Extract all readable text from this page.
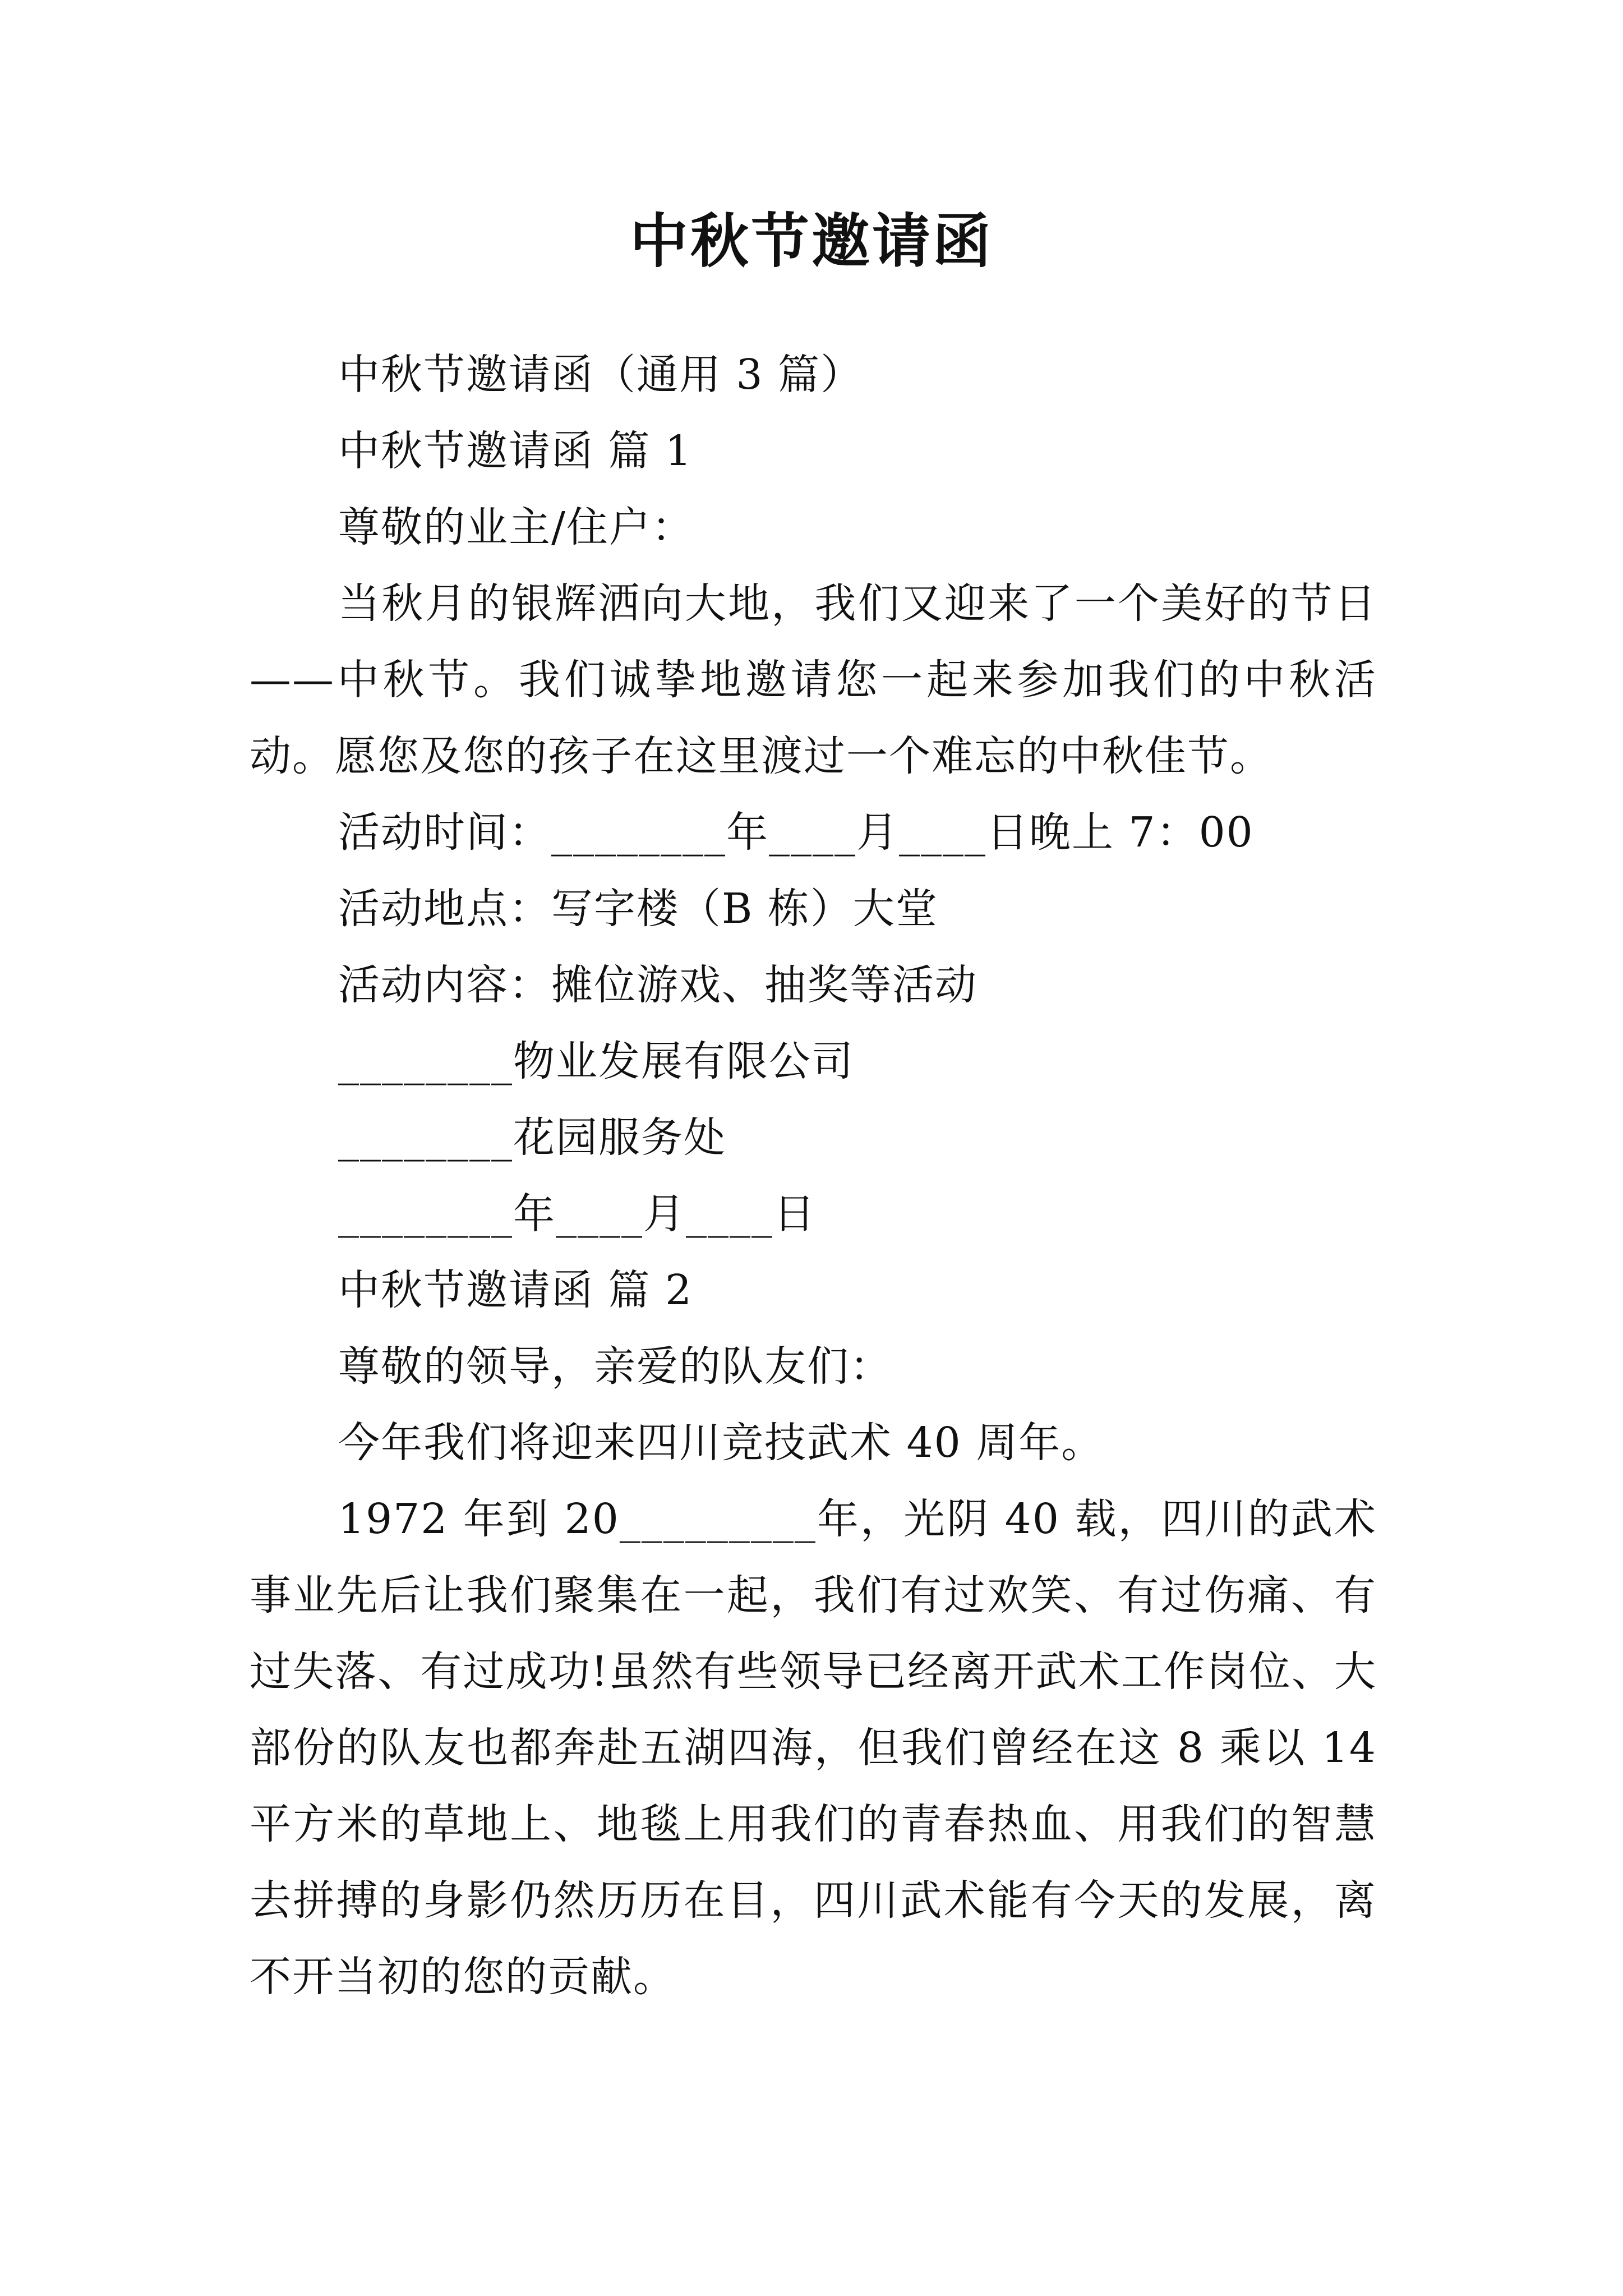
中秋节邀请函

中秋节邀请函（通用 3 篇）

中秋节邀请函 篇 1

尊敬的业主/住户：

当秋月的银辉洒向大地，我们又迎来了一个美好的节日——中秋节。我们诚挚地邀请您一起来参加我们的中秋活动。愿您及您的孩子在这里渡过一个难忘的中秋佳节。

活动时间：________年____月____日晚上 7：00

活动地点：写字楼（B 栋）大堂

活动内容：摊位游戏、抽奖等活动

________物业发展有限公司

________花园服务处

________年____月____日

中秋节邀请函 篇 2

尊敬的领导，亲爱的队友们：

今年我们将迎来四川竞技武术 40 周年。

1972 年到 20_________年，光阴 40 载，四川的武术事业先后让我们聚集在一起，我们有过欢笑、有过伤痛、有过失落、有过成功!虽然有些领导已经离开武术工作岗位、大部份的队友也都奔赴五湖四海，但我们曾经在这 8 乘以 14 平方米的草地上、地毯上用我们的青春热血、用我们的智慧去拼搏的身影仍然历历在目，四川武术能有今天的发展，离不开当初的您的贡献。
